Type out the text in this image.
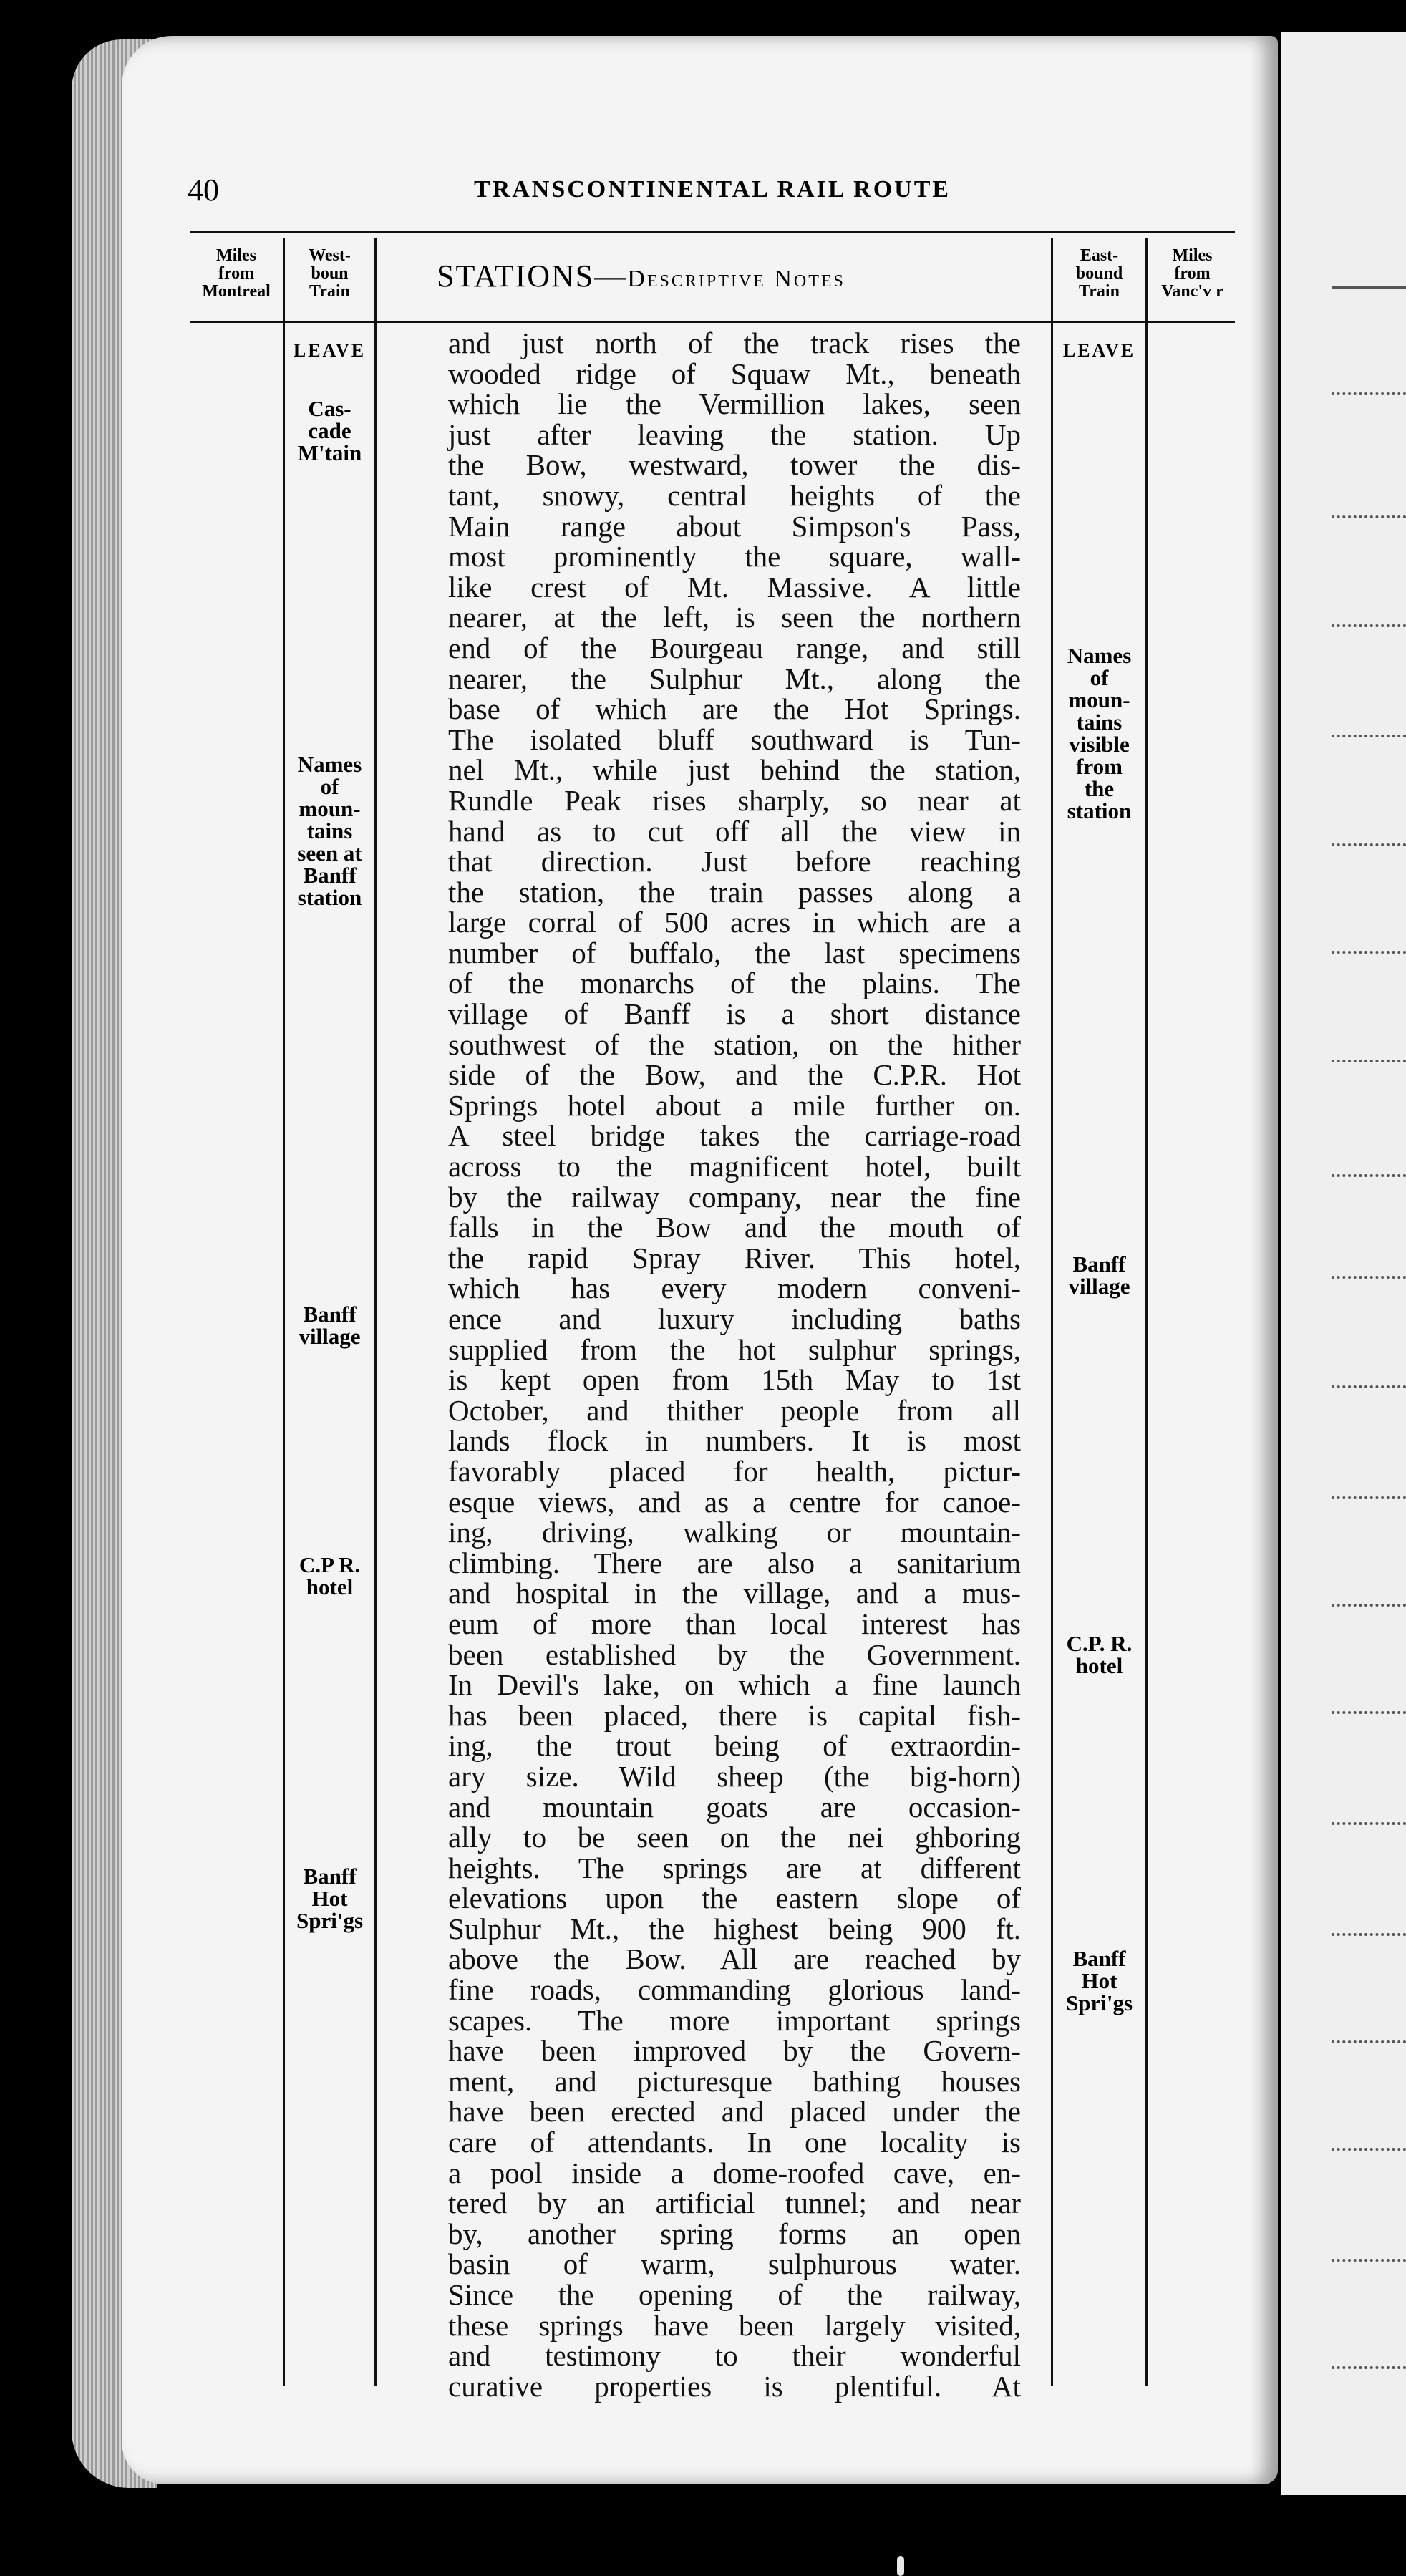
40	TRANSCONTINENTAL RAIL ROUTE
Miles
from
Montreal
West-
boun
Train	STATIONS—Descriptive Notes
East-
bound
Train
Miles
from
Vanc'v r
LEAVE
Cas-
cade
M'tain
Names
of
moun-
tains
seen at
Banff
station
Banff
village
C.P R.
hotel
Banff
Hot
Spri'gs
LEAVE
Names
of
moun-
tains
visible
from
the
station
Banff
village
C.P. R.
hotel
Banff
Hot
Spri'gs
and just north of the track rises the
wooded ridge of Squaw Mt., beneath
which lie the Vermillion lakes, seen
just after leaving the station. Up
the Bow, westward, tower the dis-
tant, snowy, central heights of the
Main range about Simpson's Pass,
most prominently the square, wall-
like crest of Mt. Massive. A little
nearer, at the left, is seen the northern
end of the Bourgeau range, and still
nearer, the Sulphur Mt., along the
base of which are the Hot Springs.
The isolated bluff southward is Tun-
nel Mt., while just behind the station,
Rundle Peak rises sharply, so near at
hand as to cut off all the view in
that direction. Just before reaching
the station, the train passes along a
large corral of 500 acres in which are a
number of buffalo, the last specimens
of the monarchs of the plains. The
village of Banff is a short distance
southwest of the station, on the hither
side of the Bow, and the C.P.R. Hot
Springs hotel about a mile further on.
A steel bridge takes the carriage-road
across to the magnificent hotel, built
by the railway company, near the fine
falls in the Bow and the mouth of
the rapid Spray River. This hotel,
which has every modern conveni-
ence and luxury including baths
supplied from the hot sulphur springs,
is kept open from 15th May to 1st
October, and thither people from all
lands flock in numbers. It is most
favorably placed for health, pictur-
esque views, and as a centre for canoe-
ing, driving, walking or mountain-
climbing. There are also a sanitarium
and hospital in the village, and a mus-
eum of more than local interest has
been established by the Government.
In Devil's lake, on which a fine launch
has been placed, there is capital fish-
ing, the trout being of extraordin-
ary size. Wild sheep (the big-horn)
and mountain goats are occasion-
ally to be seen on the nei ghboring
heights. The springs are at different
elevations upon the eastern slope of
Sulphur Mt., the highest being 900 ft.
above the Bow. All are reached by
fine roads, commanding glorious land-
scapes. The more important springs
have been improved by the Govern-
ment, and picturesque bathing houses
have been erected and placed under the
care of attendants. In one locality is
a pool inside a dome-roofed cave, en-
tered by an artificial tunnel; and near
by, another spring forms an open
basin of warm, sulphurous water.
Since the opening of the railway,
these springs have been largely visited,
and testimony to their wonderful
curative properties is plentiful. At
